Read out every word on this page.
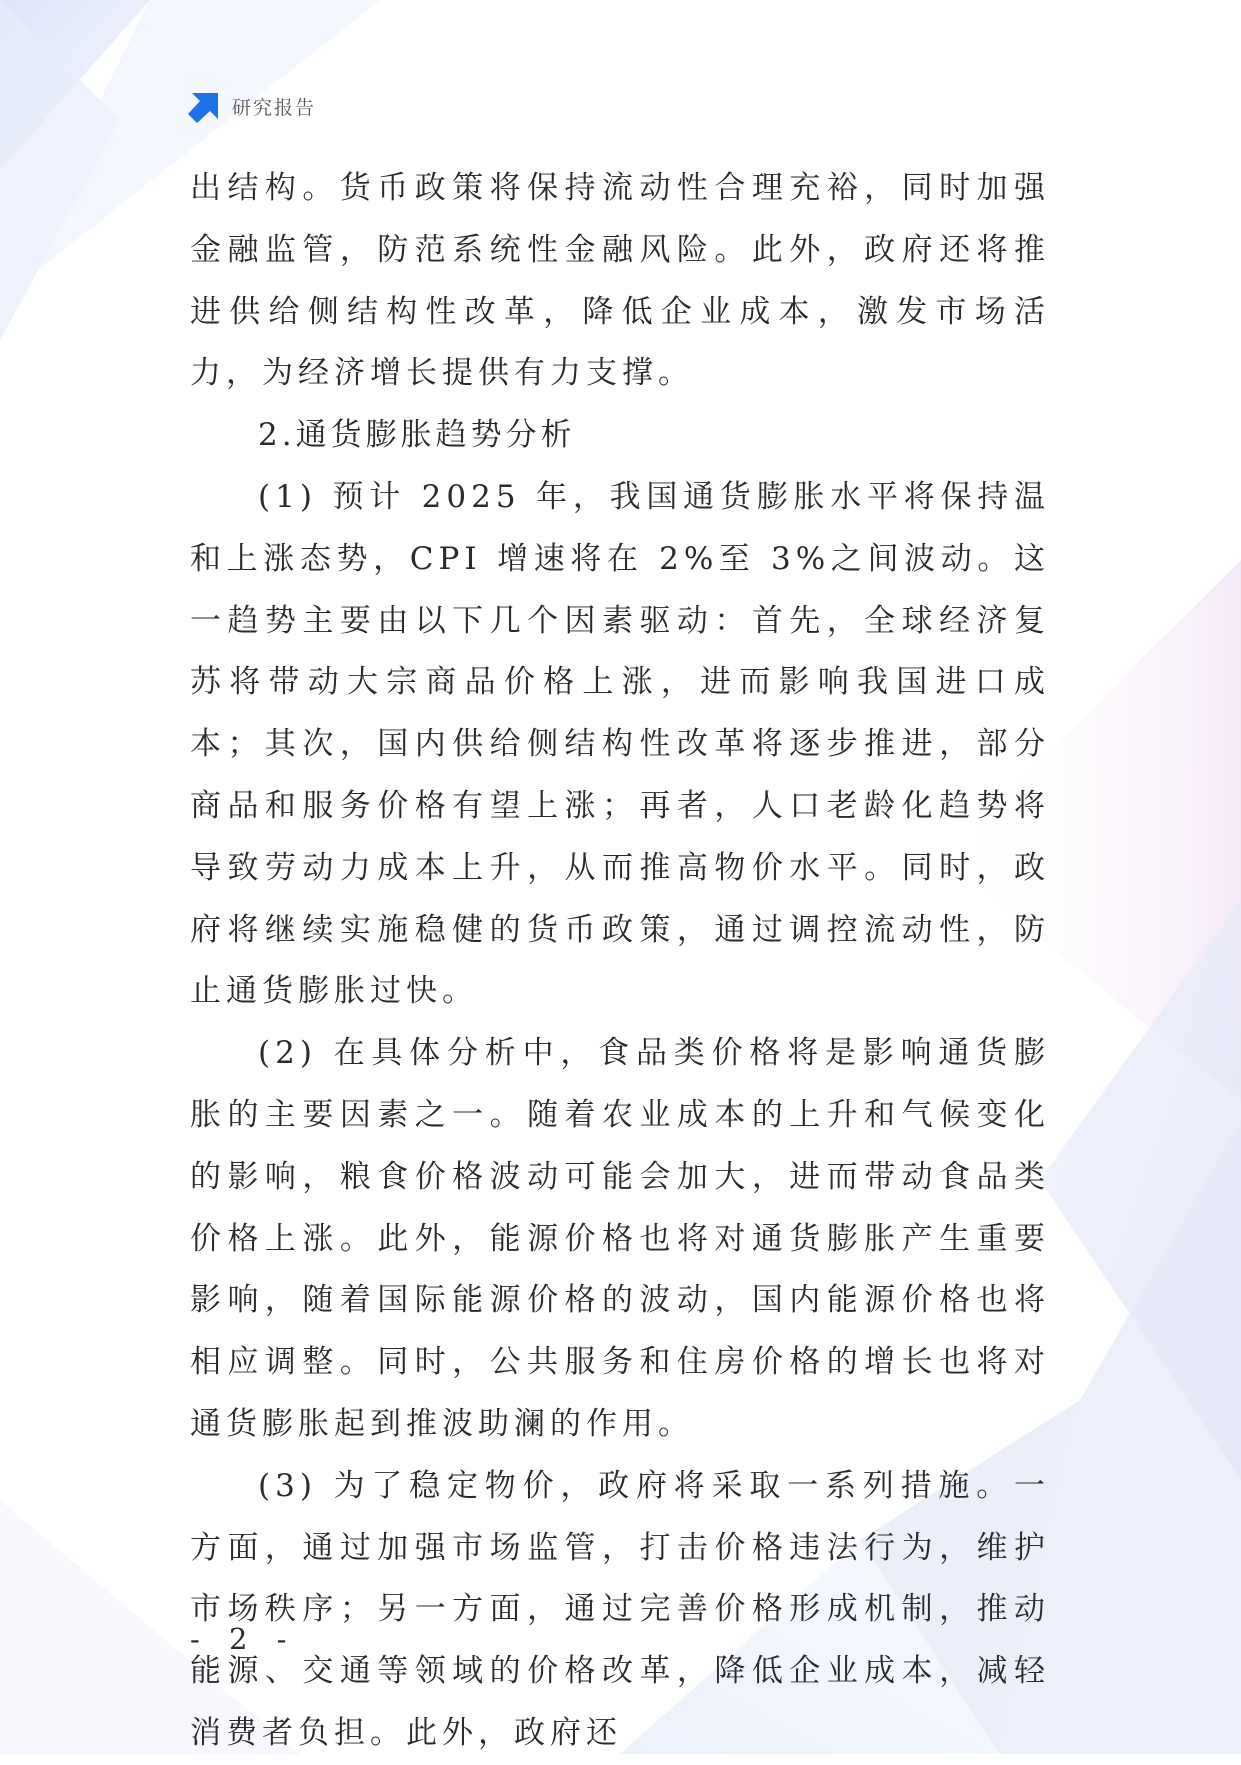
研究报告

出结构。货币政策将保持流动性合理充裕，同时加强金融监管，防范系统性金融风险。此外，政府还将推进供给侧结构性改革，降低企业成本，激发市场活力，为经济增长提供有力支撑。

2.通货膨胀趋势分析

(1) 预计 2025 年，我国通货膨胀水平将保持温和上涨态势，CPI 增速将在 2%至 3%之间波动。这一趋势主要由以下几个因素驱动：首先，全球经济复苏将带动大宗商品价格上涨，进而影响我国进口成本；其次，国内供给侧结构性改革将逐步推进，部分商品和服务价格有望上涨；再者，人口老龄化趋势将导致劳动力成本上升，从而推高物价水平。同时，政府将继续实施稳健的货币政策，通过调控流动性，防止通货膨胀过快。

(2) 在具体分析中，食品类价格将是影响通货膨胀的主要因素之一。随着农业成本的上升和气候变化的影响，粮食价格波动可能会加大，进而带动食品类价格上涨。此外，能源价格也将对通货膨胀产生重要影响，随着国际能源价格的波动，国内能源价格也将相应调整。同时，公共服务和住房价格的增长也将对通货膨胀起到推波助澜的作用。

(3) 为了稳定物价，政府将采取一系列措施。一方面，通过加强市场监管，打击价格违法行为，维护市场秩序；另一方面，通过完善价格形成机制，推动能源、交通等领域的价格改革，降低企业成本，减轻消费者负担。此外，政府还

- 2 -
